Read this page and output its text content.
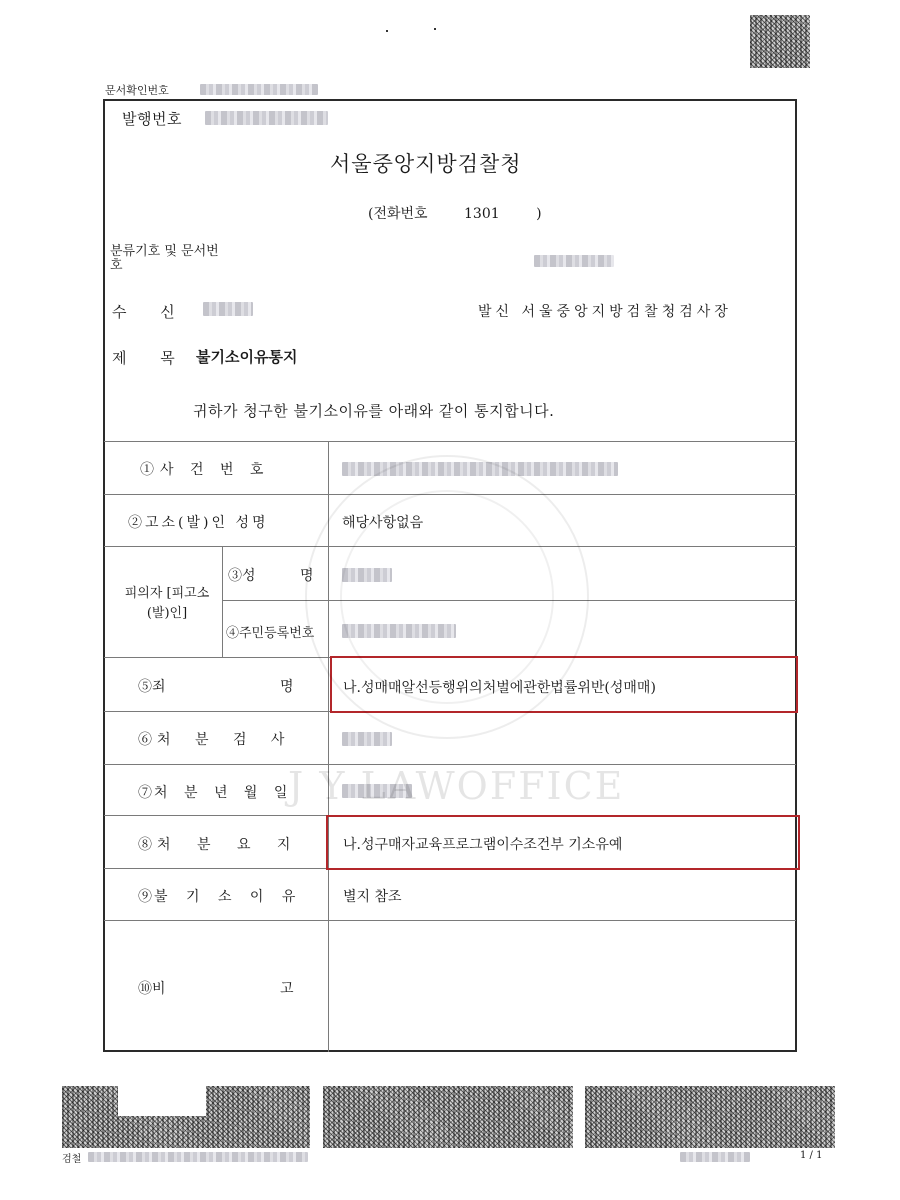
문서확인번호
발행번호
서울중앙지방검찰청
(전화번호	1301	)
분류기호 및 문서번호
수 신	발신 서울중앙지방검찰청검사장
제 목 불기소이유통지
귀하가 청구한 불기소이유를 아래와 같이 통지합니다.
①사 건 번 호
②고소(발)인 성명	해당사항없음
피의자 [피고소(발)인]
③성 명
④주민등록번호
⑤죄 명	나.성매매알선등행위의처벌에관한법률위반(성매매)
⑥처 분 검 사
⑦처 분 년 월 일
⑧처 분 요 지	나.성구매자교육프로그램이수조건부 기소유예
⑨불 기 소 이 유	별지 참조
⑩비 고
J Y LAWOFFICE
검철	1 / 1
